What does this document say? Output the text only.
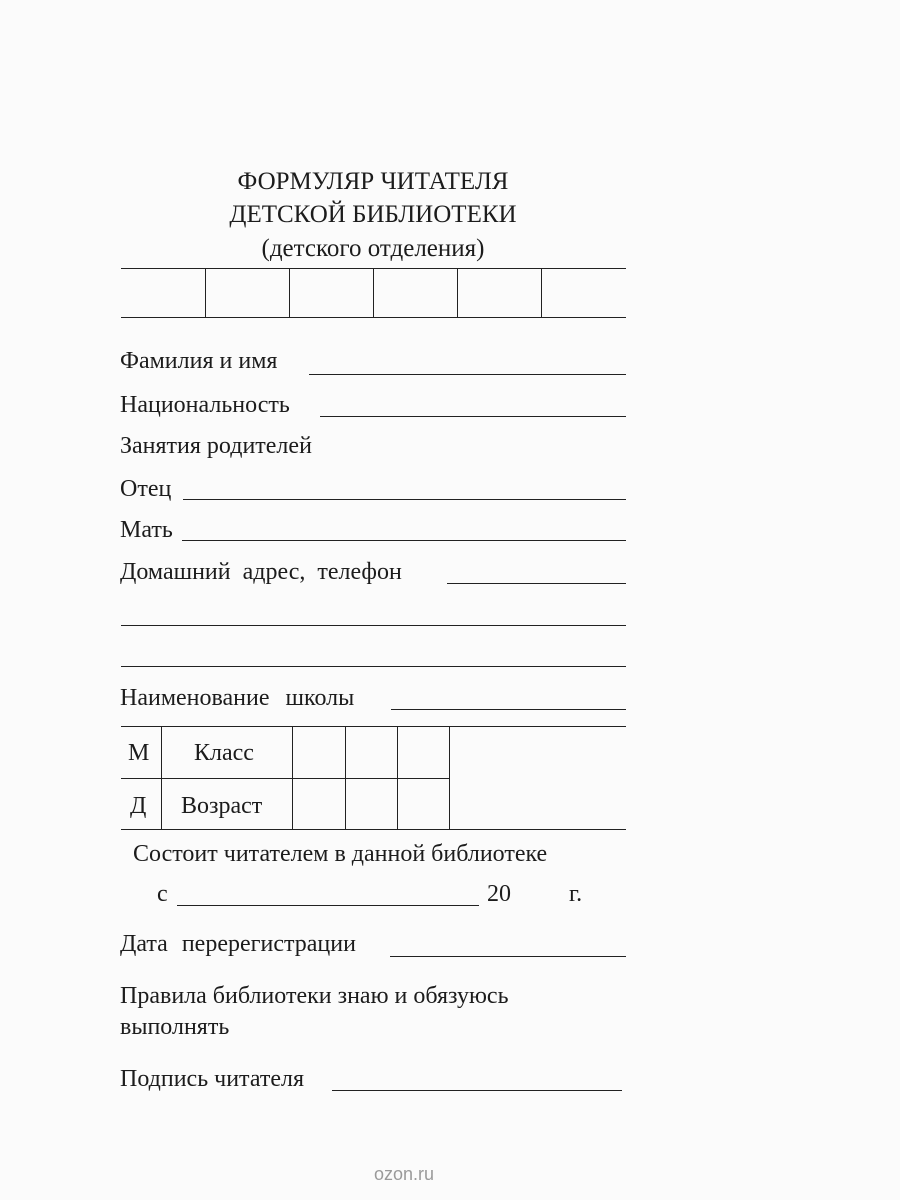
ФОРМУЛЯР ЧИТАТЕЛЯ
ДЕТСКОЙ БИБЛИОТЕКИ
(детского отделения)
Фамилия и имя
Национальность
Занятия родителей
Отец
Мать
Домашний адрес, телефон
Наименование школы
М Класс
Д Возраст
Состоит читателем в данной библиотеке
с	20 г.
Дата перерегистрации
Правила библиотеки знаю и обязуюсь
выполнять
Подпись читателя
ozon.ru
